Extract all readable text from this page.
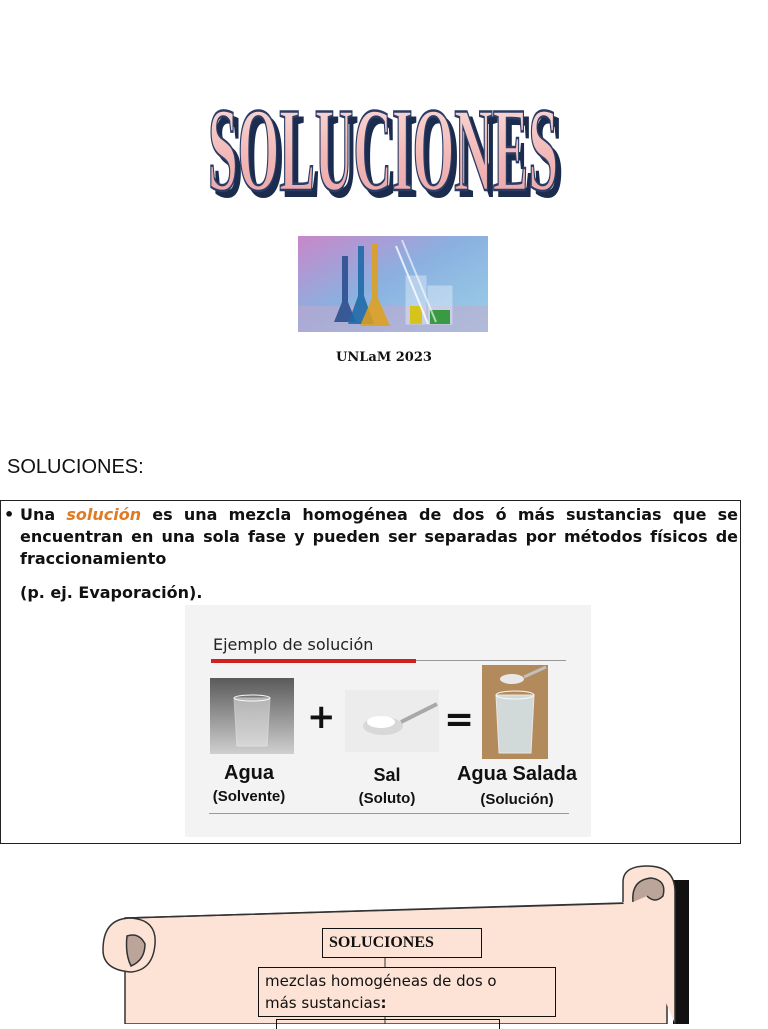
SOLUCIONES
SOLUCIONES
UNLaM 2023
SOLUCIONES:
• Una solución es una mezcla homogénea de dos ó más sustancias que se encuentran en una sola fase y pueden ser separadas por métodos físicos de fraccionamiento
(p. ej. Evaporación).
Ejemplo de solución
+	=
Agua
(Solvente)
Sal
(Soluto)
Agua Salada
(Solución)
SOLUCIONES
mezclas homogéneas de dos o
más sustancias:
